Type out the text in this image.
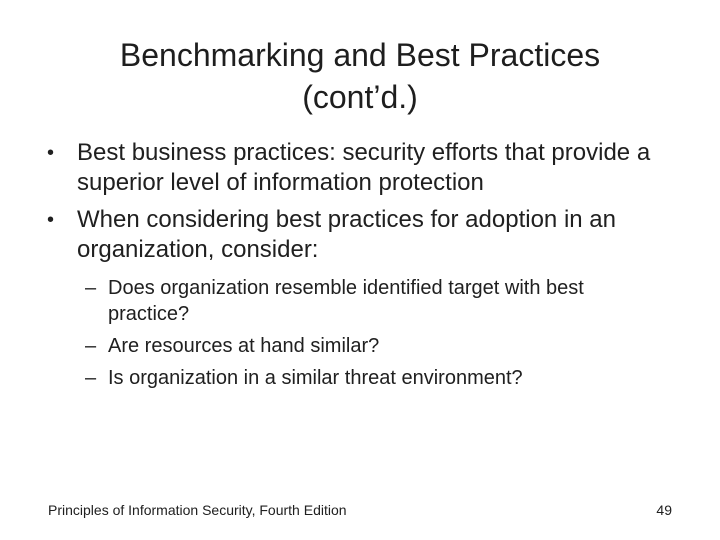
Benchmarking and Best Practices
(cont’d.)
• Best business practices: security efforts that provide a superior level of information protection
• When considering best practices for adoption in an organization, consider:
– Does organization resemble identified target with best practice?
– Are resources at hand similar?
– Is organization in a similar threat environment?
Principles of Information Security, Fourth Edition	49
